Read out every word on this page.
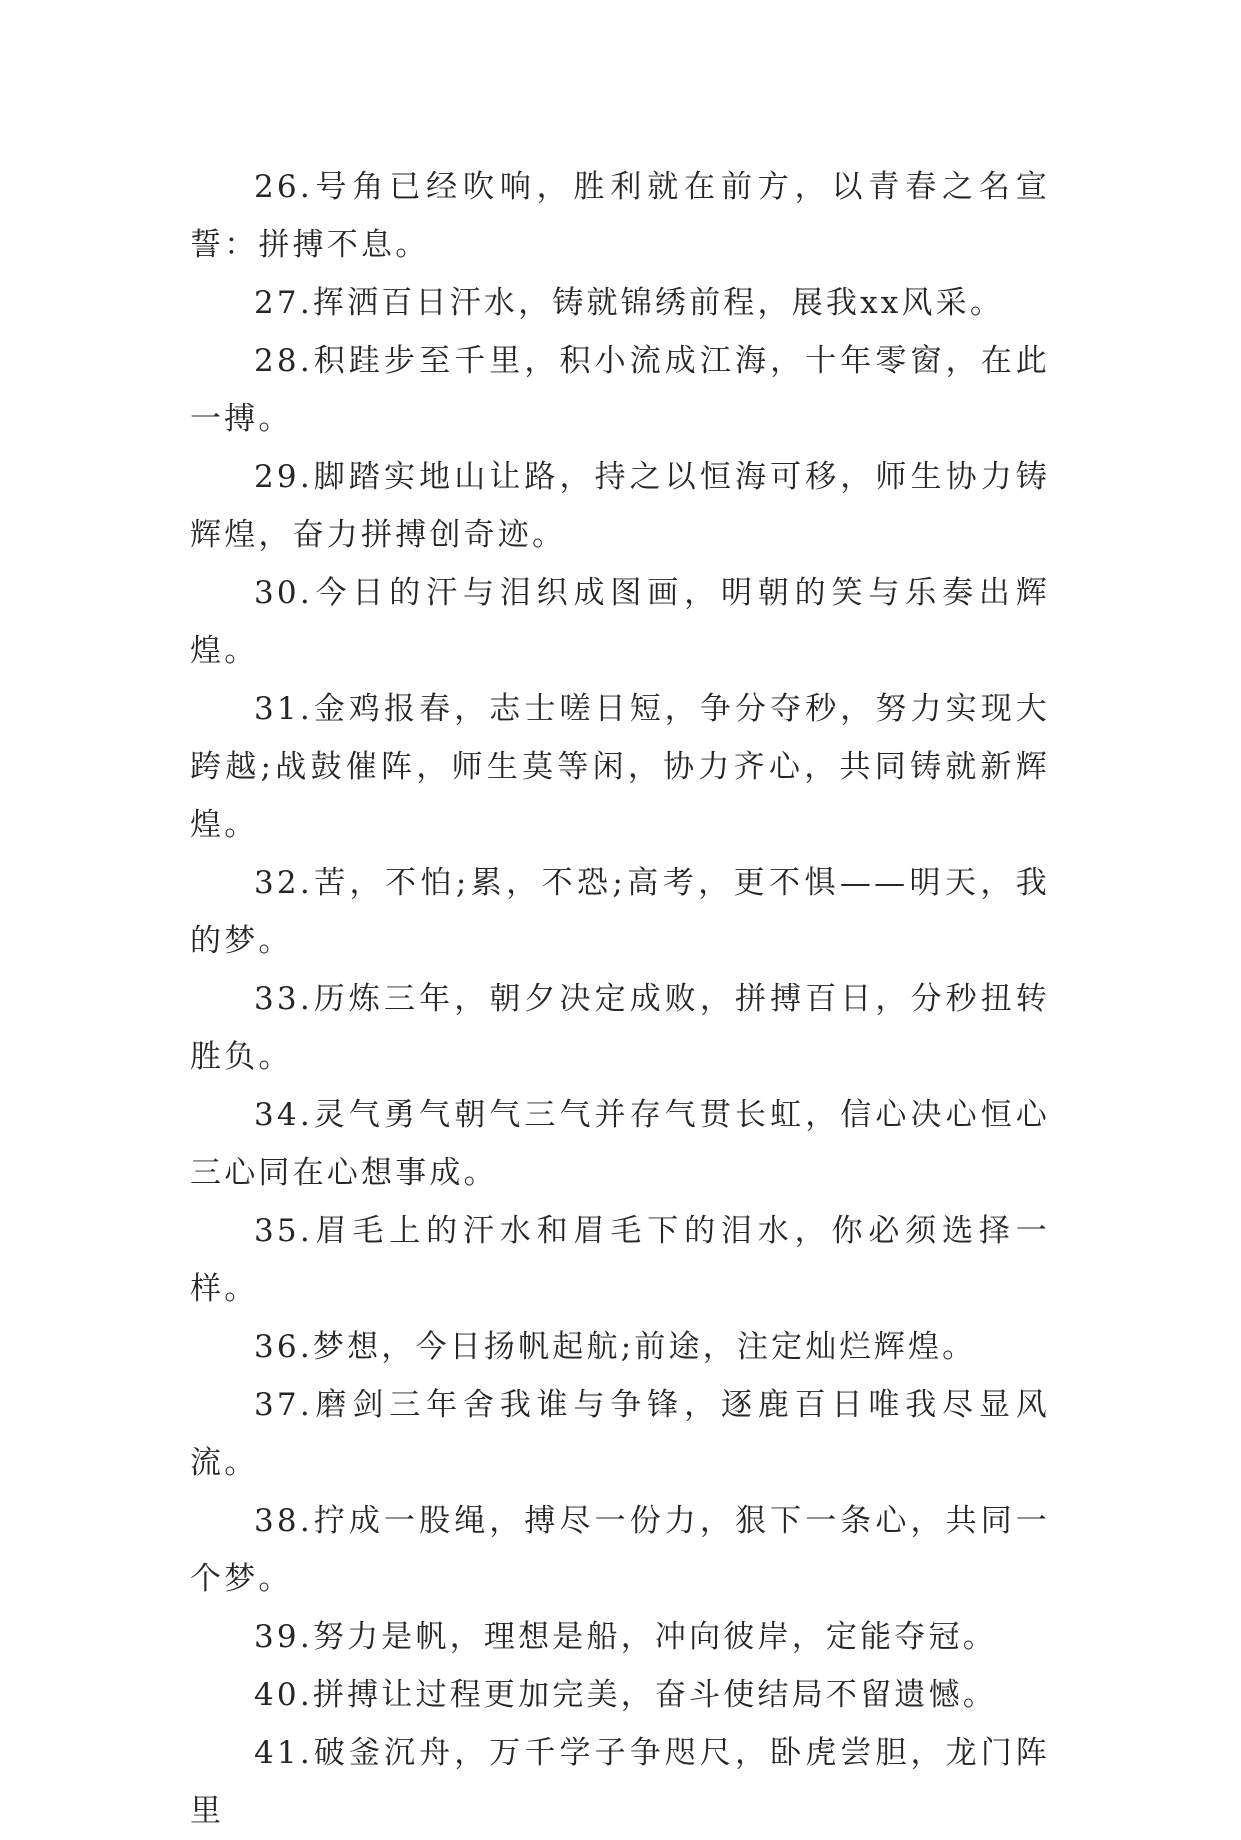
26.号角已经吹响，胜利就在前方，以青春之名宣誓：拼搏不息。

27.挥洒百日汗水，铸就锦绣前程，展我xx风采。

28.积跬步至千里，积小流成江海，十年零窗，在此一搏。

29.脚踏实地山让路，持之以恒海可移，师生协力铸辉煌，奋力拼搏创奇迹。

30.今日的汗与泪织成图画，明朝的笑与乐奏出辉煌。

31.金鸡报春，志士嗟日短，争分夺秒，努力实现大跨越;战鼓催阵，师生莫等闲，协力齐心，共同铸就新辉煌。

32.苦，不怕;累，不恐;高考，更不惧——明天，我的梦。

33.历炼三年，朝夕决定成败，拼搏百日，分秒扭转胜负。

34.灵气勇气朝气三气并存气贯长虹，信心决心恒心三心同在心想事成。

35.眉毛上的汗水和眉毛下的泪水，你必须选择一样。

36.梦想，今日扬帆起航;前途，注定灿烂辉煌。

37.磨剑三年舍我谁与争锋，逐鹿百日唯我尽显风流。

38.拧成一股绳，搏尽一份力，狠下一条心，共同一个梦。

39.努力是帆，理想是船，冲向彼岸，定能夺冠。

40.拼搏让过程更加完美，奋斗使结局不留遗憾。

41.破釜沉舟，万千学子争咫尺，卧虎尝胆，龙门阵里
